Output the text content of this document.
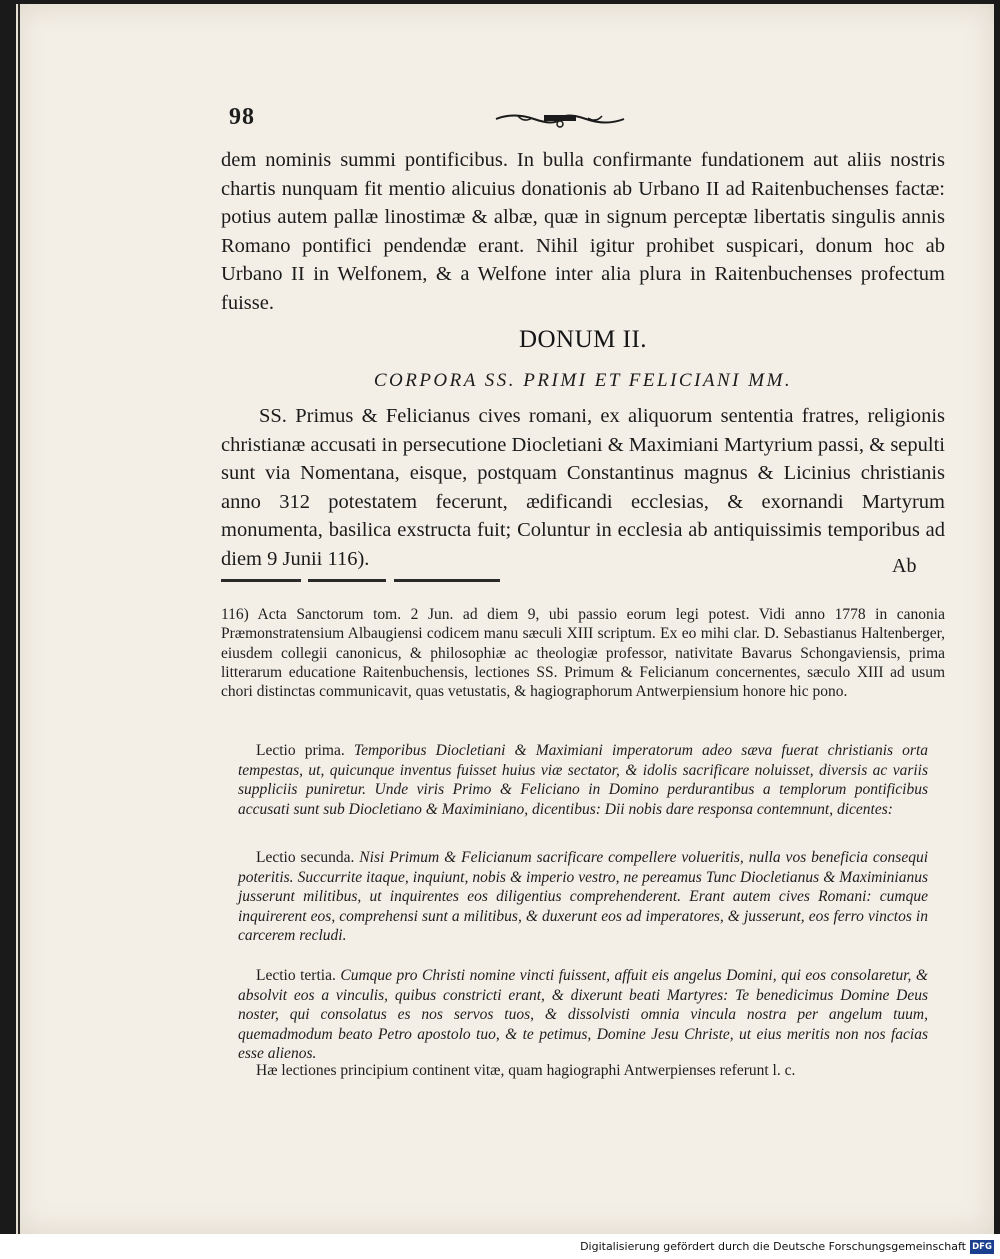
98
dem nominis summi pontificibus. In bulla confirmante fundationem aut aliis nostris chartis nunquam fit mentio alicuius donationis ab Urbano II ad Raitenbuchenses factæ: potius autem pallæ linostimæ & albæ, quæ in signum perceptæ libertatis singulis annis Romano pontifici pendendæ erant. Nihil igitur prohibet suspicari, donum hoc ab Urbano II in Welfonem, & a Welfone inter alia plura in Raitenbuchenses profectum fuisse.
DONUM II.
CORPORA SS. PRIMI ET FELICIANI MM.
SS. Primus & Felicianus cives romani, ex aliquorum sententia fratres, religionis christianæ accusati in persecutione Diocletiani & Maximiani Martyrium passi, & sepulti sunt via Nomentana, eisque, postquam Constantinus magnus & Licinius christianis anno 312 potestatem fecerunt, ædificandi ecclesias, & exornandi Martyrum monumenta, basilica exstructa fuit; Coluntur in ecclesia ab antiquissimis temporibus ad diem 9 Junii 116).	Ab
116) Acta Sanctorum tom. 2 Jun. ad diem 9, ubi passio eorum legi potest. Vidi anno 1778 in canonia Præmonstratensium Albaugiensi codicem manu sæculi XIII scriptum. Ex eo mihi clar. D. Sebastianus Haltenberger, eiusdem collegii canonicus, & philosophiæ ac theologiæ professor, nativitate Bavarus Schongaviensis, prima litterarum educatione Raitenbuchensis, lectiones SS. Primum & Felicianum concernentes, sæculo XIII ad usum chori distinctas communicavit, quas vetustatis, & hagiographorum Antwerpiensium honore hic pono.
Lectio prima. Temporibus Diocletiani & Maximiani imperatorum adeo sæva fuerat christianis orta tempestas, ut, quicunque inventus fuisset huius viæ sectator, & idolis sacrificare noluisset, diversis ac variis suppliciis puniretur. Unde viris Primo & Feliciano in Domino perdurantibus a templorum pontificibus accusati sunt sub Diocletiano & Maximiniano, dicentibus: Dii nobis dare responsa contemnunt, dicentes:
Lectio secunda. Nisi Primum & Felicianum sacrificare compellere volueritis, nulla vos beneficia consequi poteritis. Succurrite itaque, inquiunt, nobis & imperio vestro, ne pereamus Tunc Diocletianus & Maximinianus jusserunt militibus, ut inquirentes eos diligentius comprehenderent. Erant autem cives Romani: cumque inquirerent eos, comprehensi sunt a militibus, & duxerunt eos ad imperatores, & jusserunt, eos ferro vinctos in carcerem recludi.
Lectio tertia. Cumque pro Christi nomine vincti fuissent, affuit eis angelus Domini, qui eos consolaretur, & absolvit eos a vinculis, quibus constricti erant, & dixerunt beati Martyres: Te benedicimus Domine Deus noster, qui consolatus es nos servos tuos, & dissolvisti omnia vincula nostra per angelum tuum, quemadmodum beato Petro apostolo tuo, & te petimus, Domine Jesu Christe, ut eius meritis non nos facias esse alienos.
Hæ lectiones principium continent vitæ, quam hagiographi Antwerpienses referunt l. c.
Digitalisierung gefördert durch die Deutsche Forschungsgemeinschaft DFG
